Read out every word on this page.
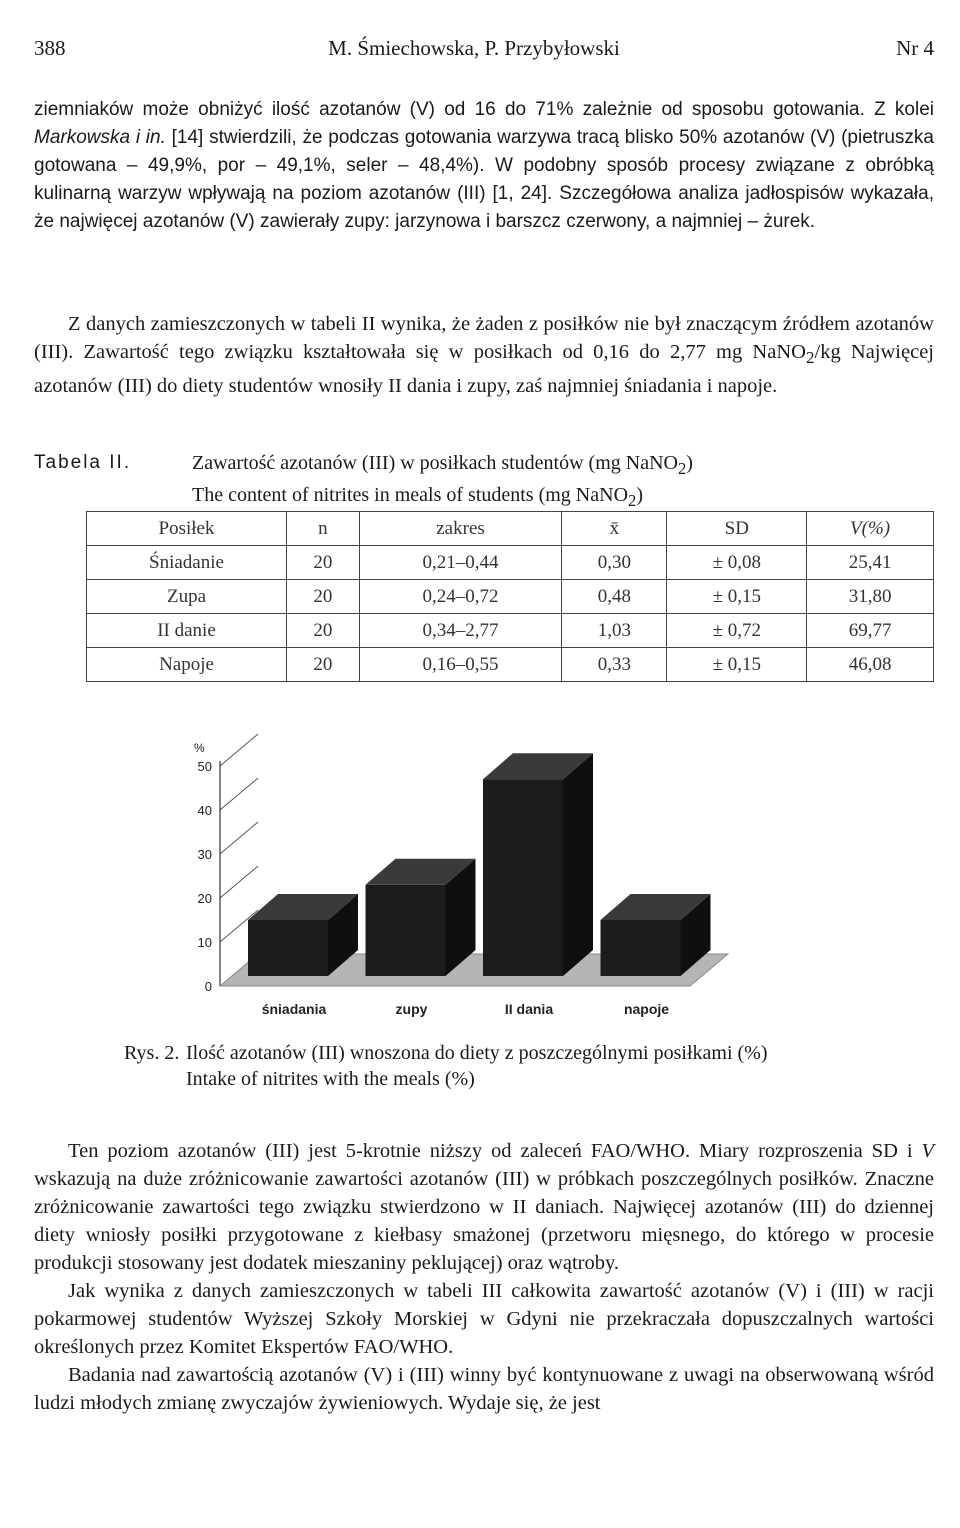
388	M. Śmiechowska, P. Przybyłowski	Nr 4

ziemniaków może obniżyć ilość azotanów (V) od 16 do 71% zależnie od sposobu gotowania. Z kolei Markowska i in. [14] stwierdzili, że podczas gotowania warzywa tracą blisko 50% azotanów (V) (pietruszka gotowana – 49,9%, por – 49,1%, seler – 48,4%). W podobny sposób procesy związane z obróbką kulinarną warzyw wpływają na poziom azotanów (III) [1, 24]. Szczegółowa analiza jadłospisów wykazała, że najwięcej azotanów (V) zawierały zupy: jarzynowa i barszcz czerwony, a najmniej – żurek.

Z danych zamieszczonych w tabeli II wynika, że żaden z posiłków nie był znaczącym źródłem azotanów (III). Zawartość tego związku kształtowała się w posiłkach od 0,16 do 2,77 mg NaNO$_2$/kg Najwięcej azotanów (III) do diety studentów wnosiły II dania i zupy, zaś najmniej śniadania i napoje.

Tabela II.	Zawartość azotanów (III) w posiłkach studentów (mg NaNO$_2$)
The content of nitrites in meals of students (mg NaNO$_2$)
Posiłek	n	zakres	x̄	SD	V(%)
Śniadanie	20	0,21–0,44	0,30	± 0,08	25,41
Zupa	20	0,24–0,72	0,48	± 0,15	31,80
II danie	20	0,34–2,77	1,03	± 0,72	69,77
Napoje	20	0,16–0,55	0,33	± 0,15	46,08
0
10
20
30
40
50
%
śniadania	zupy	II dania	napoje
Rys. 2. Ilość azotanów (III) wnoszona do diety z poszczególnymi posiłkami (%)
Intake of nitrites with the meals (%)

Ten poziom azotanów (III) jest 5-krotnie niższy od zaleceń FAO/WHO. Miary rozproszenia SD i V wskazują na duże zróżnicowanie zawartości azotanów (III) w próbkach poszczególnych posiłków. Znaczne zróżnicowanie zawartości tego związku stwierdzono w II daniach. Najwięcej azotanów (III) do dziennej diety wniosły posiłki przygotowane z kiełbasy smażonej (przetworu mięsnego, do którego w procesie produkcji stosowany jest dodatek mieszaniny peklującej) oraz wątroby.

Jak wynika z danych zamieszczonych w tabeli III całkowita zawartość azotanów (V) i (III) w racji pokarmowej studentów Wyższej Szkoły Morskiej w Gdyni nie przekraczała dopuszczalnych wartości określonych przez Komitet Ekspertów FAO/WHO.

Badania nad zawartością azotanów (V) i (III) winny być kontynuowane z uwagi na obserwowaną wśród ludzi młodych zmianę zwyczajów żywieniowych. Wydaje się, że jest
